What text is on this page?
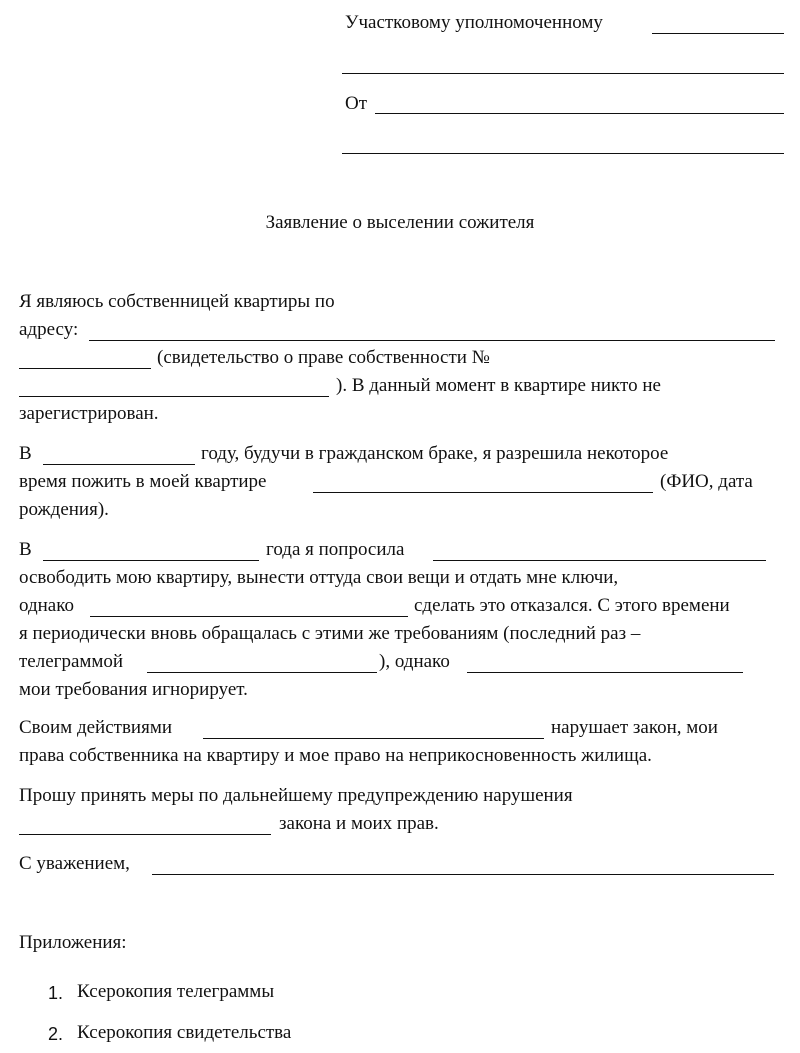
Участковому уполномоченному
От
Заявление о выселении сожителя
Я являюсь собственницей квартиры по
адресу:
(свидетельство о праве собственности №
). В данный момент в квартире никто не
зарегистрирован.
В	году, будучи в гражданском браке, я разрешила некоторое
время пожить в моей квартире	(ФИО, дата
рождения).
В	года я попросила
освободить мою квартиру, вынести оттуда свои вещи и отдать мне ключи,
однако	сделать это отказался. С этого времени
я периодически вновь обращалась с этими же требованиям (последний раз –
телеграммой	), однако
мои требования игнорирует.
Своим действиями	нарушает закон, мои
права собственника на квартиру и мое право на неприкосновенность жилища.
Прошу принять меры по дальнейшему предупреждению нарушения
закона и моих прав.
С уважением,
Приложения:
1. Ксерокопия телеграммы
2. Ксерокопия свидетельства
